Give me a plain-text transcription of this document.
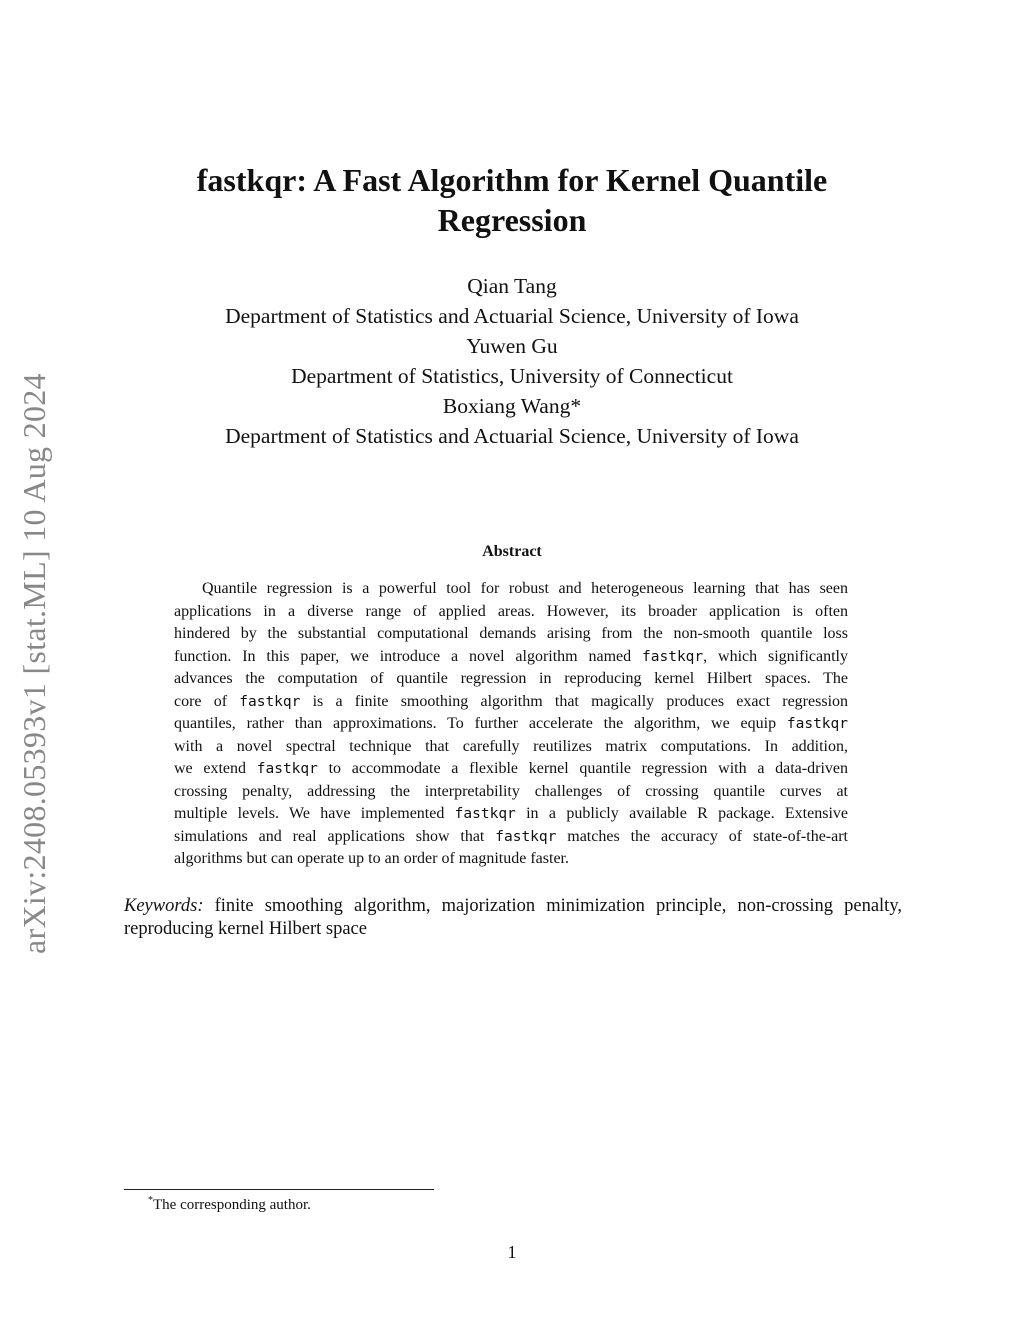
arXiv:2408.05393v1 [stat.ML] 10 Aug 2024
fastkqr: A Fast Algorithm for Kernel Quantile
Regression
Qian Tang
Department of Statistics and Actuarial Science, University of Iowa
Yuwen Gu
Department of Statistics, University of Connecticut
Boxiang Wang*
Department of Statistics and Actuarial Science, University of Iowa
Abstract
Quantile regression is a powerful tool for robust and heterogeneous learning that has seen
applications in a diverse range of applied areas. However, its broader application is often
hindered by the substantial computational demands arising from the non-smooth quantile loss
function. In this paper, we introduce a novel algorithm named fastkqr, which significantly
advances the computation of quantile regression in reproducing kernel Hilbert spaces. The
core of fastkqr is a finite smoothing algorithm that magically produces exact regression
quantiles, rather than approximations. To further accelerate the algorithm, we equip fastkqr
with a novel spectral technique that carefully reutilizes matrix computations. In addition,
we extend fastkqr to accommodate a flexible kernel quantile regression with a data-driven
crossing penalty, addressing the interpretability challenges of crossing quantile curves at
multiple levels. We have implemented fastkqr in a publicly available R package. Extensive
simulations and real applications show that fastkqr matches the accuracy of state-of-the-art
algorithms but can operate up to an order of magnitude faster.
Keywords: finite smoothing algorithm, majorization minimization principle, non-crossing penalty,
reproducing kernel Hilbert space
*The corresponding author.
1
